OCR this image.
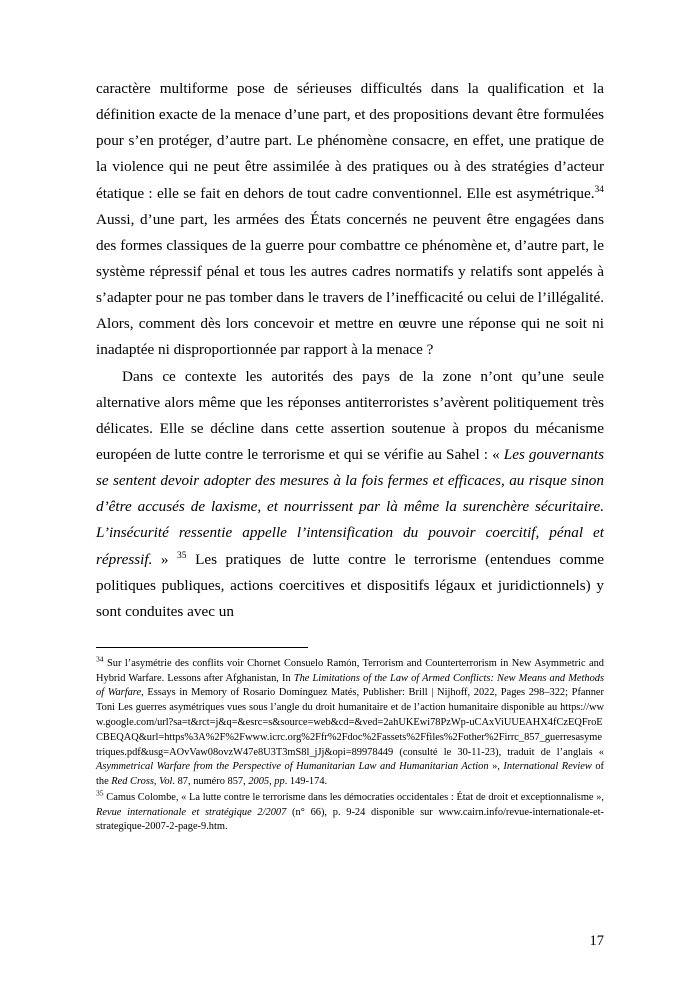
caractère multiforme pose de sérieuses difficultés dans la qualification et la définition exacte de la menace d’une part, et des propositions devant être formulées pour s’en protéger, d’autre part. Le phénomène consacre, en effet, une pratique de la violence qui ne peut être assimilée à des pratiques ou à des stratégies d’acteur étatique : elle se fait en dehors de tout cadre conventionnel. Elle est asymétrique.$^{34}$ Aussi, d’une part, les armées des États concernés ne peuvent être engagées dans des formes classiques de la guerre pour combattre ce phénomène et, d’autre part, le système répressif pénal et tous les autres cadres normatifs y relatifs sont appelés à s’adapter pour ne pas tomber dans le travers de l’inefficacité ou celui de l’illégalité. Alors, comment dès lors concevoir et mettre en œuvre une réponse qui ne soit ni inadaptée ni disproportionnée par rapport à la menace ?

Dans ce contexte les autorités des pays de la zone n’ont qu’une seule alternative alors même que les réponses antiterroristes s’avèrent politiquement très délicates. Elle se décline dans cette assertion soutenue à propos du mécanisme européen de lutte contre le terrorisme et qui se vérifie au Sahel : « Les gouvernants se sentent devoir adopter des mesures à la fois fermes et efficaces, au risque sinon d’être accusés de laxisme, et nourrissent par là même la surenchère sécuritaire. L’insécurité ressentie appelle l’intensification du pouvoir coercitif, pénal et répressif. » $^{35}$ Les pratiques de lutte contre le terrorisme (entendues comme politiques publiques, actions coercitives et dispositifs légaux et juridictionnels) y sont conduites avec un

$^{34}$ Sur l’asymétrie des conflits voir Chornet Consuelo Ramón, Terrorism and Counterterrorism in New Asymmetric and Hybrid Warfare. Lessons after Afghanistan, In The Limitations of the Law of Armed Conflicts: New Means and Methods of Warfare, Essays in Memory of Rosario Domínguez Matés, Publisher: Brill | Nijhoff, 2022, Pages 298–322; Pfanner Toni Les guerres asymétriques vues sous l’angle du droit humanitaire et de l’action humanitaire disponible au https://www.google.com/url?sa=t&rct=j&q=&esrc=s&source=web&cd=&ved=2ahUKEwi78PzWp-uCAxViUUEAHX4fCzEQFroECBEQAQ&url=https%3A%2F%2Fwww.icrc.org%2Ffr%2Fdoc%2Fassets%2Ffiles%2Fother%2Firrc_857_guerresasymetriques.pdf&usg=AOvVaw08ovzW47e8U3T3mS8l_jJj&opi=89978449 (consulté le 30-11-23), traduit de l’anglais « Asymmetrical Warfare from the Perspective of Humanitarian Law and Humanitarian Action », International Review of the Red Cross, Vol. 87, numéro 857, 2005, pp. 149-174.

$^{35}$ Camus Colombe, « La lutte contre le terrorisme dans les démocraties occidentales : État de droit et exceptionnalisme », Revue internationale et stratégique 2/2007 (n° 66), p. 9-24 disponible sur www.cairn.info/revue-internationale-et-strategique-2007-2-page-9.htm.

17
